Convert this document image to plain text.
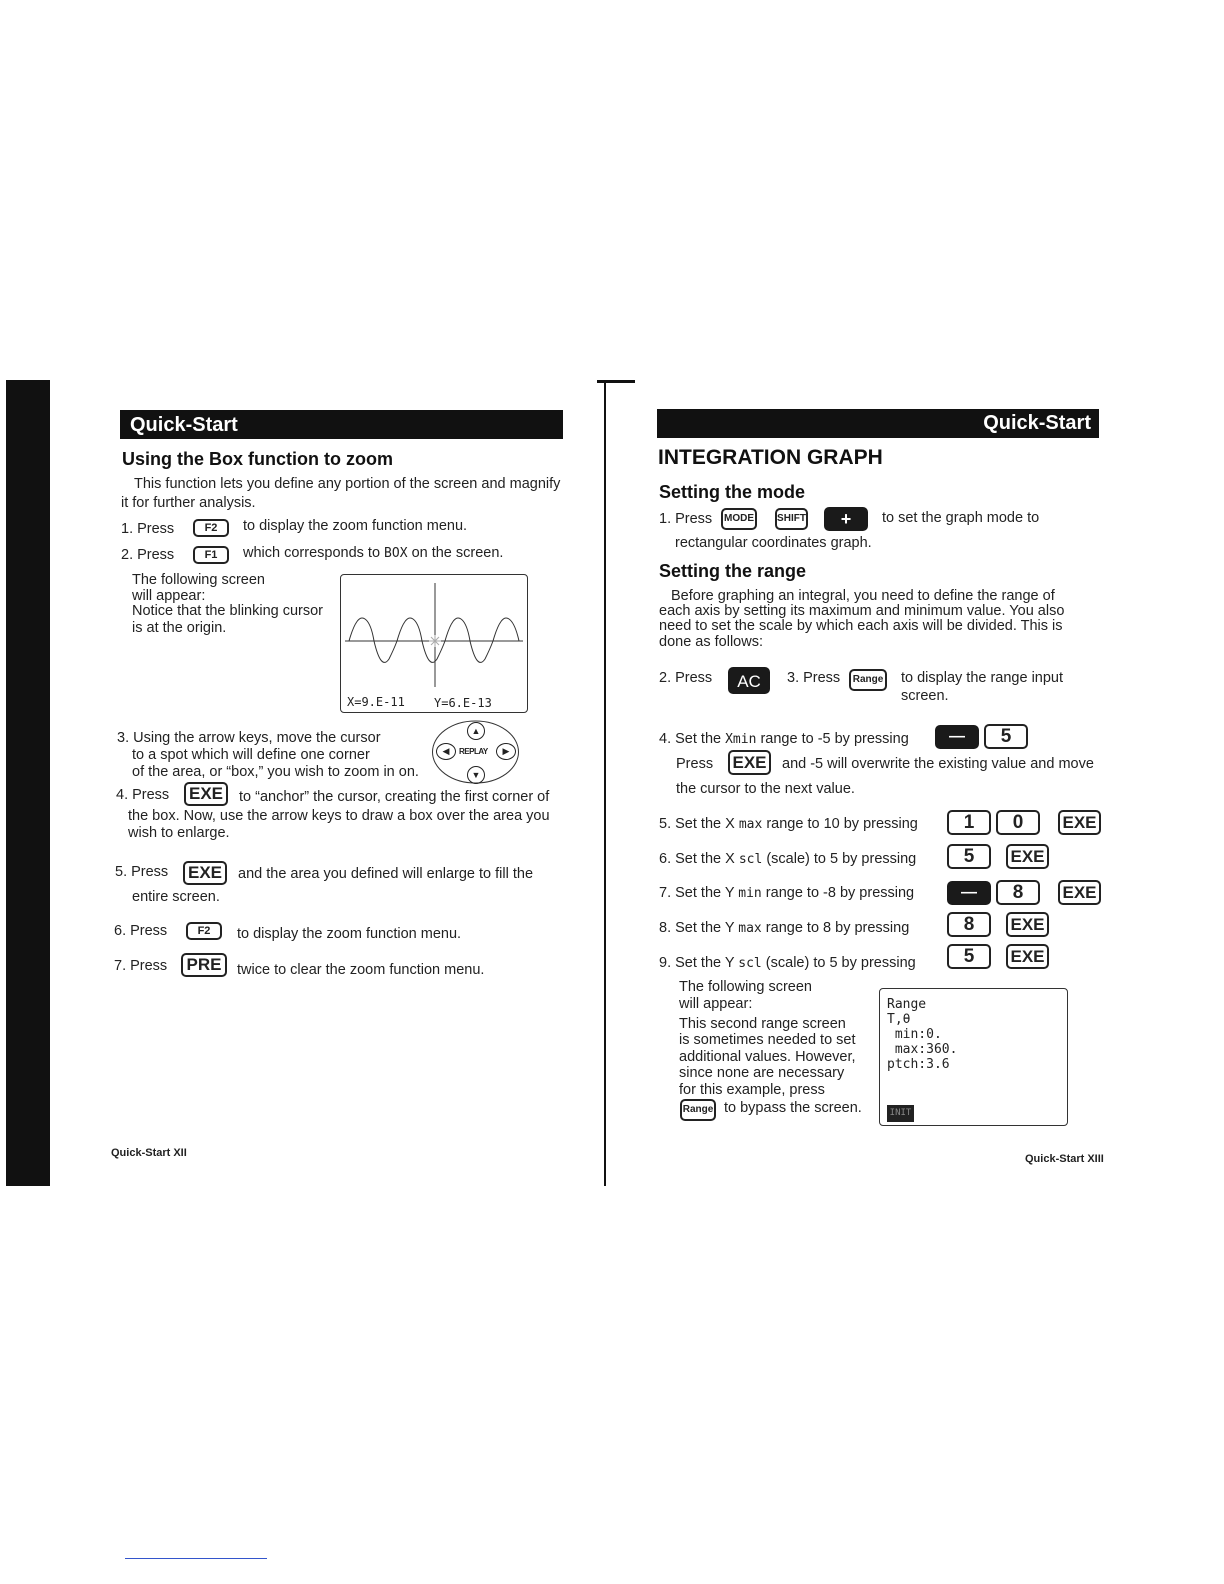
Quick-Start
Using the Box function to zoom
This function lets you define any portion of the screen and magnify
it for further analysis.
1. Press	F2	to display the zoom function menu.
2. Press	F1	which corresponds to BOX on the screen.
The following screen
will appear:
Notice that the blinking cursor
is at the origin.
X=9.E-11 Y=6.E-13
3. Using the arrow keys, move the cursor
to a spot which will define one corner
of the area, or “box,” you wish to zoom in on.
▲
▼
◀	▶
REPLAY
4. Press EXE	to “anchor” the cursor, creating the first corner of
the box. Now, use the arrow keys to draw a box over the area you
wish to enlarge.
5. Press EXE	and the area you defined will enlarge to fill the
entire screen.
6. Press	F2	to display the zoom function menu.
7. Press	PRE	twice to clear the zoom function menu.
Quick-Start XII
Quick-Start
INTEGRATION GRAPH
Setting the mode
1. Press	MODE	SHIFT	+	to set the graph mode to
rectangular coordinates graph.
Setting the range
Before graphing an integral, you need to define the range of
each axis by setting its maximum and minimum value. You also
need to set the scale by which each axis will be divided. This is
done as follows:
2. Press	AC	3. Press	Range to display the range input
screen.
4. Set the Xmin range to -5 by pressing	—	5
Press EXE	and -5 will overwrite the existing value and move
the cursor to the next value.
5. Set the X max range to 10 by pressing	1	0	EXE
6. Set the X scl (scale) to 5 by pressing	5	EXE
7. Set the Y min range to -8 by pressing	—	8	EXE
8. Set the Y max range to 8 by pressing	8	EXE
9. Set the Y scl (scale) to 5 by pressing	5	EXE
The following screen
will appear:
This second range screen
is sometimes needed to set
additional values. However,
since none are necessary
for this example, press
Range to bypass the screen.
Range
T,θ
min:0.
max:360.
ptch:3.6
INIT
Quick-Start XIII
